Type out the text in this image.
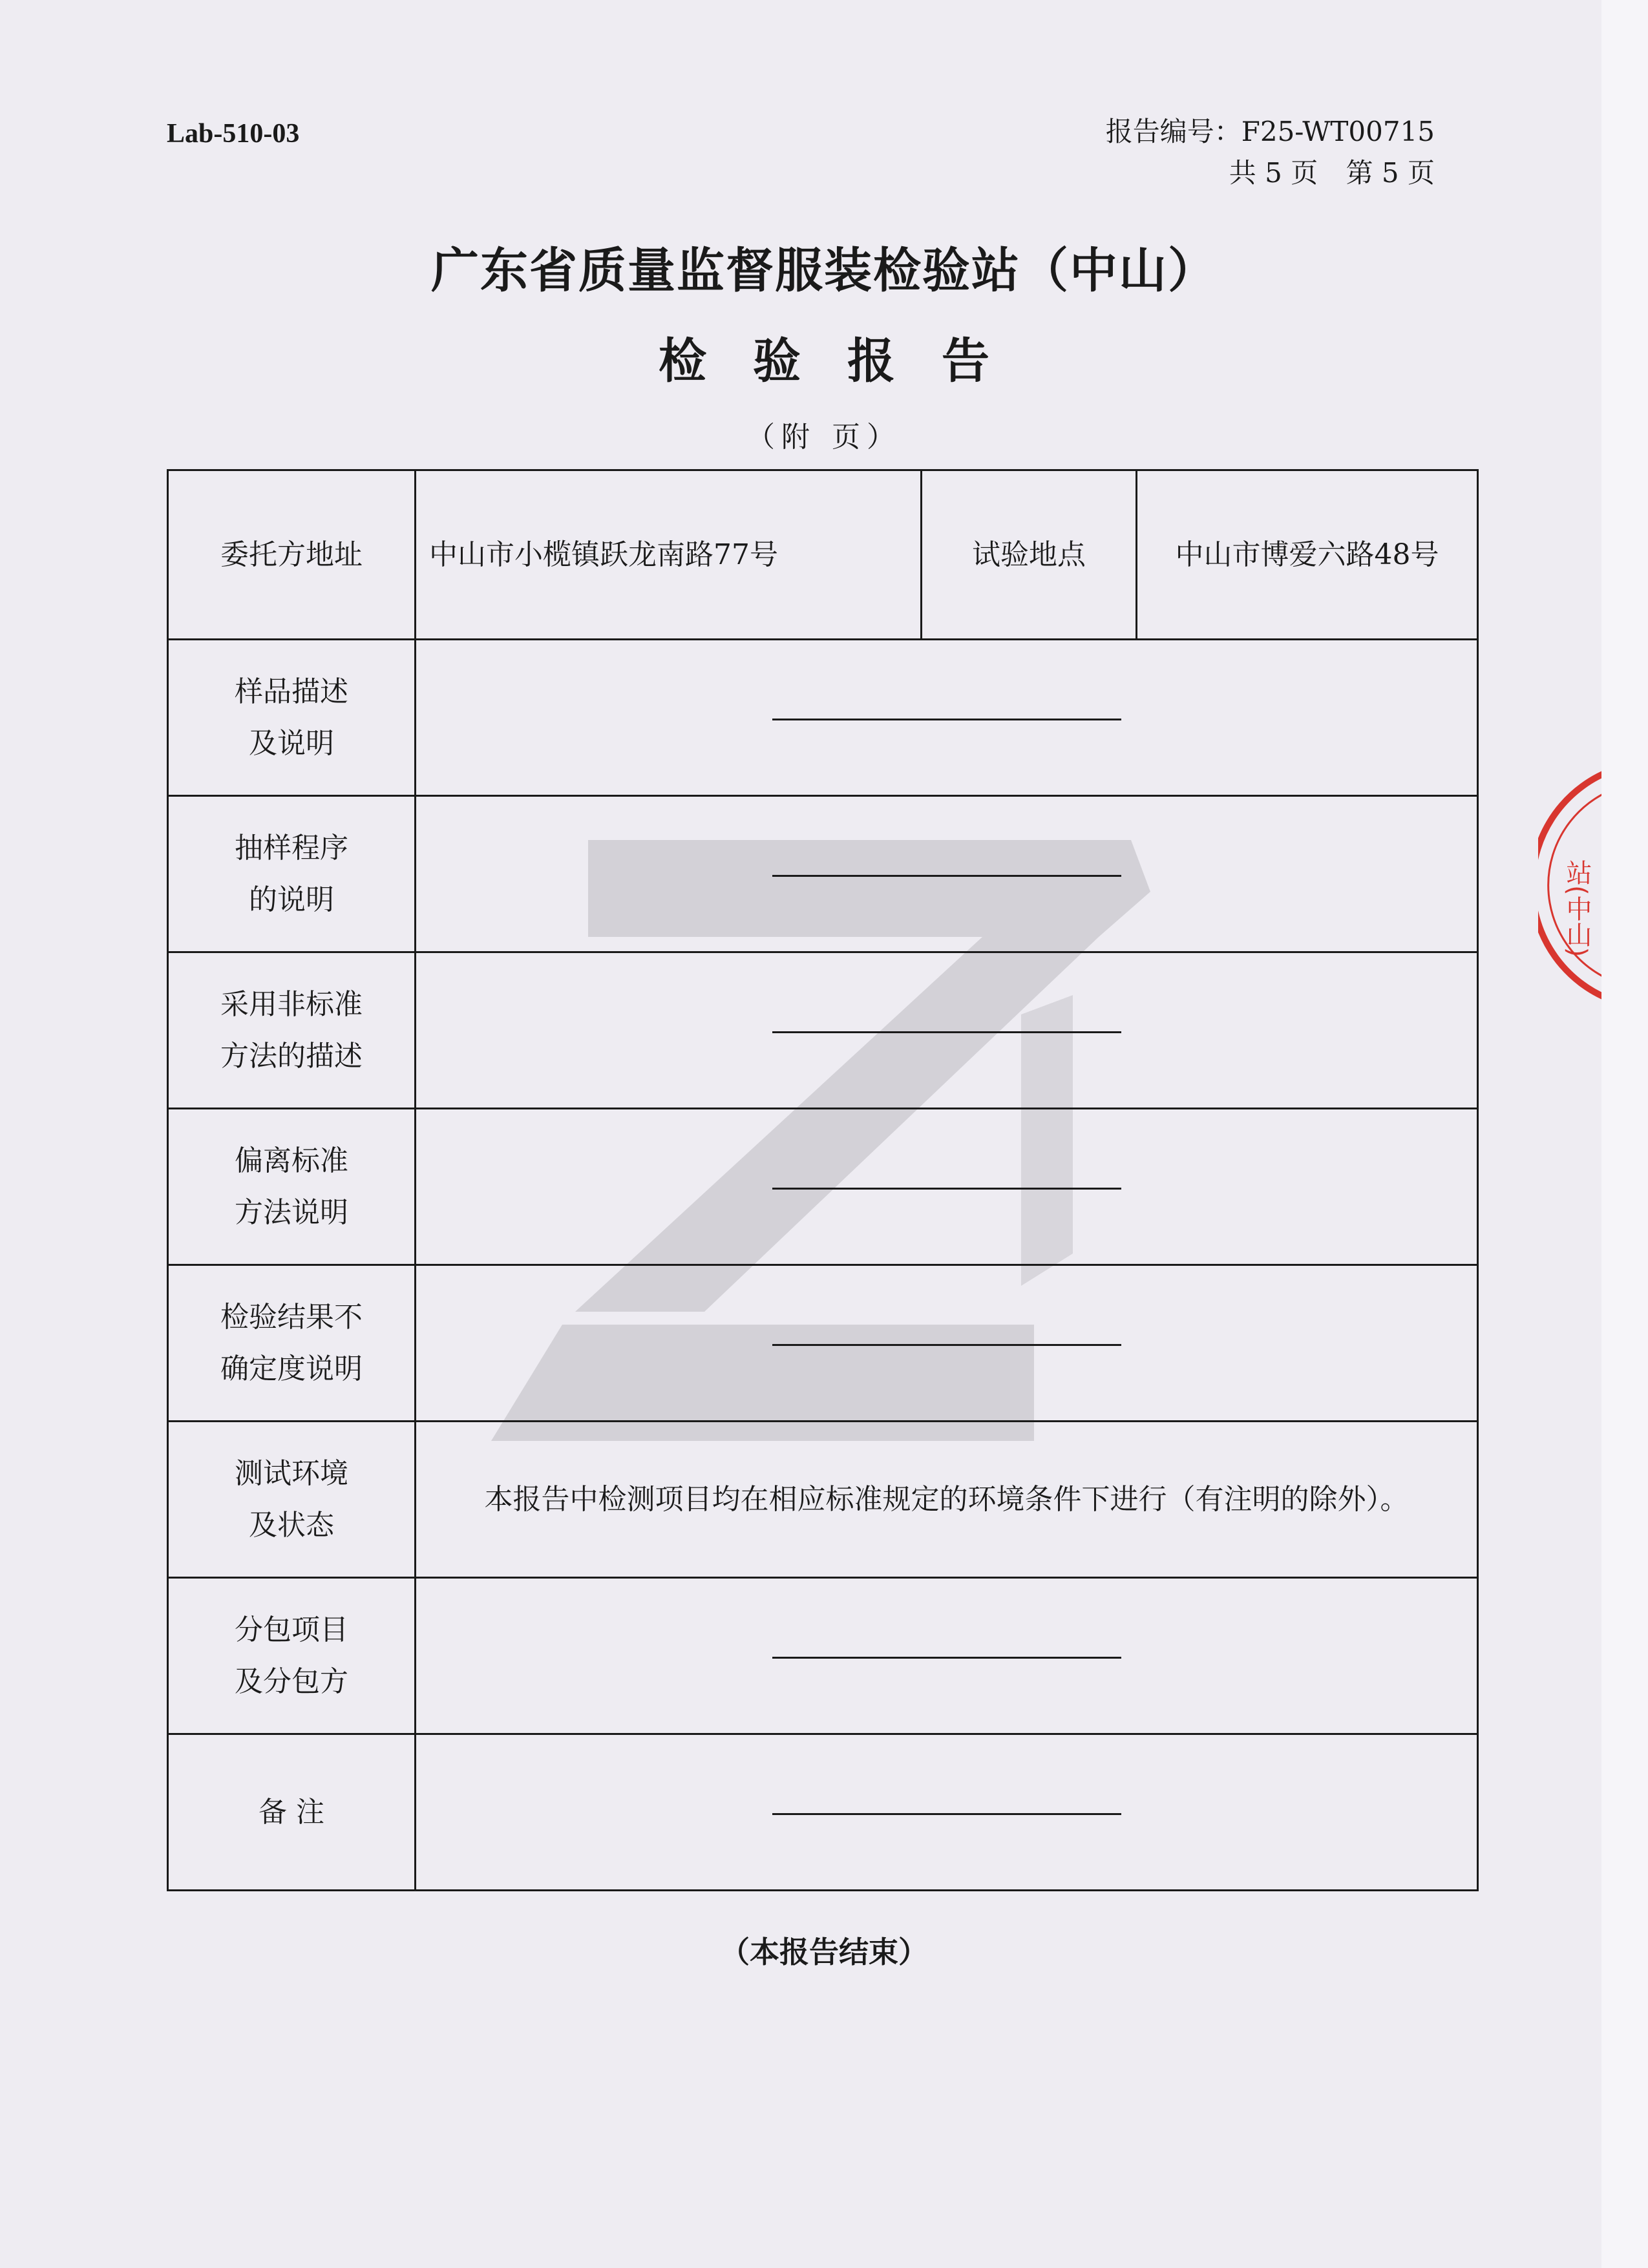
Lab-510-03	报告编号：F25-WT00715
共 5 页 第 5 页
广东省质量监督服装检验站（中山）
检验报告
（附 页）
委托方地址	中山市小榄镇跃龙南路77号	试验地点	中山市博爱六路48号

样品描述
及说明			

抽样程序
的说明			

采用非标准
方法的描述			

偏离标准
方法说明			

检验结果不
确定度说明			

测试环境
及状态	本报告中检测项目均在相应标准规定的环境条件下进行（有注明的除外）。		

分包项目
及分包方			

备 注			

（本报告结束）
站(中山)
